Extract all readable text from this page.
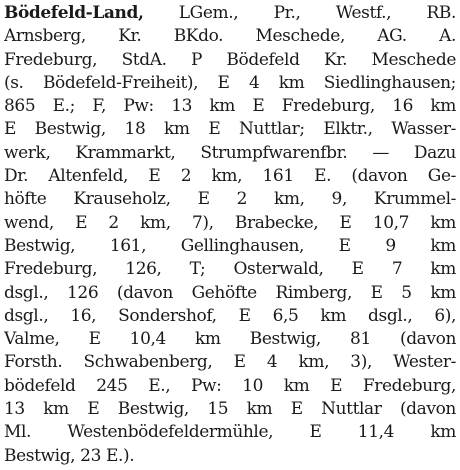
Bödefeld-Land, LGem., Pr., Westf., RB.
Arnsberg, Kr. BKdo. Meschede, AG. A.
Fredeburg, StdA. P Bödefeld Kr. Meschede
(s. Bödefeld-Freiheit), E 4 km Siedlinghausen;
865 E.; F, Pw: 13 km E Fredeburg, 16 km
E Bestwig, 18 km E Nuttlar; Elktr., Wasser-
werk, Krammarkt, Strumpfwarenfbr. — Dazu
Dr. Altenfeld, E 2 km, 161 E. (davon Ge-
höfte Krauseholz, E 2 km, 9, Krummel-
wend, E 2 km, 7), Brabecke, E 10,7 km
Bestwig, 161, Gellinghausen, E 9 km
Fredeburg, 126, T; Osterwald, E 7 km
dsgl., 126 (davon Gehöfte Rimberg, E 5 km
dsgl., 16, Sondershof, E 6,5 km dsgl., 6),
Valme, E 10,4 km Bestwig, 81 (davon
Forsth. Schwabenberg, E 4 km, 3), Wester-
bödefeld 245 E., Pw: 10 km E Fredeburg,
13 km E Bestwig, 15 km E Nuttlar (davon
Ml. Westenbödefeldermühle, E 11,4 km
Bestwig, 23 E.).
